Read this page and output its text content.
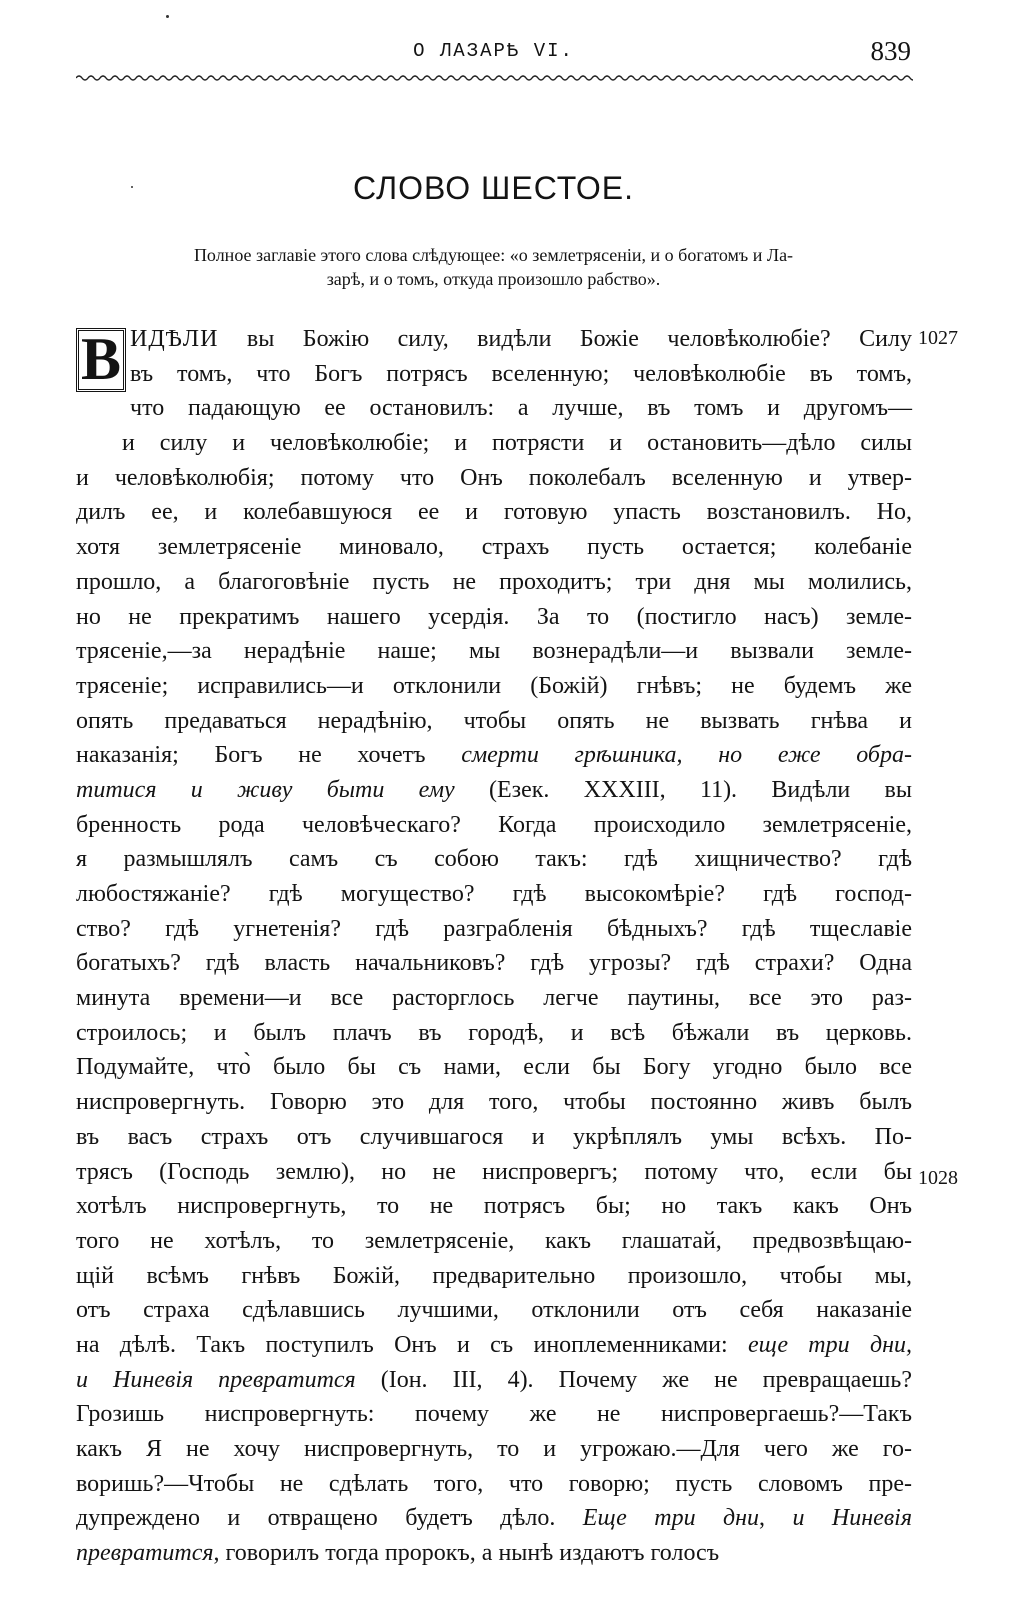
О ЛАЗАРѢ VI.	839
СЛОВО ШЕСТОЕ.
Полное заглавіе этого слова слѣдующее: «о землетрясеніи, и о богатомъ и Ла-
зарѣ, и о томъ, откуда произошло рабство».
1027
1028
В ИДѢЛИ вы Божію силу, видѣли Божіе человѣколюбіе? Силу
въ томъ, что Богъ потрясъ вселенную; человѣколюбіе въ томъ,
что падающую ее остановилъ: а лучше, въ томъ и другомъ—
и силу и человѣколюбіе; и потрясти и остановить—дѣло силы
и человѣколюбія; потому что Онъ поколебалъ вселенную и утвер-
дилъ ее, и колебавшуюся ее и готовую упасть возстановилъ. Но,
хотя землетрясеніе миновало, страхъ пусть остается; колебаніе
прошло, а благоговѣніе пусть не проходитъ; три дня мы молились,
но не прекратимъ нашего усердія. За то (постигло насъ) земле-
трясеніе,—за нерадѣніе наше; мы вознерадѣли—и вызвали земле-
трясеніе; исправились—и отклонили (Божій) гнѣвъ; не будемъ же
опять предаваться нерадѣнію, чтобы опять не вызвать гнѣва и
наказанія; Богъ не хочетъ смерти грѣшника, но еже обра-
титися и живу быти ему (Езек. XXXIII, 11). Видѣли вы
бренность рода человѣческаго? Когда происходило землетрясеніе,
я размышлялъ самъ съ собою такъ: гдѣ хищничество? гдѣ
любостяжаніе? гдѣ могущество? гдѣ высокомѣріе? гдѣ господ-
ство? гдѣ угнетенія? гдѣ разграбленія бѣдныхъ? гдѣ тщеславіе
богатыхъ? гдѣ власть начальниковъ? гдѣ угрозы? гдѣ страхи? Одна
минута времени—и все расторглось легче паутины, все это раз-
строилось; и былъ плачъ въ городѣ, и всѣ бѣжали въ церковь.
Подумайте, что̀ было бы съ нами, если бы Богу угодно было все
ниспровергнуть. Говорю это для того, чтобы постоянно живъ былъ
въ васъ страхъ отъ случившагося и укрѣплялъ умы всѣхъ. По-
трясъ (Господь землю), но не ниспровергъ; потому что, если бы
хотѣлъ ниспровергнуть, то не потрясъ бы; но такъ какъ Онъ
того не хотѣлъ, то землетрясеніе, какъ глашатай, предвозвѣщаю-
щій всѣмъ гнѣвъ Божій, предварительно произошло, чтобы мы,
отъ страха сдѣлавшись лучшими, отклонили отъ себя наказаніе
на дѣлѣ. Такъ поступилъ Онъ и съ иноплеменниками: еще три дни,
и Ниневія превратится (Іон. III, 4). Почему же не превращаешь?
Грозишь ниспровергнуть: почему же не ниспровергаешь?—Такъ
какъ Я не хочу ниспровергнуть, то и угрожаю.—Для чего же го-
воришь?—Чтобы не сдѣлать того, что говорю; пусть словомъ пре-
дупреждено и отвращено будетъ дѣло. Еще три дни, и Ниневія
превратится, говорилъ тогда пророкъ, а нынѣ издаютъ голосъ
